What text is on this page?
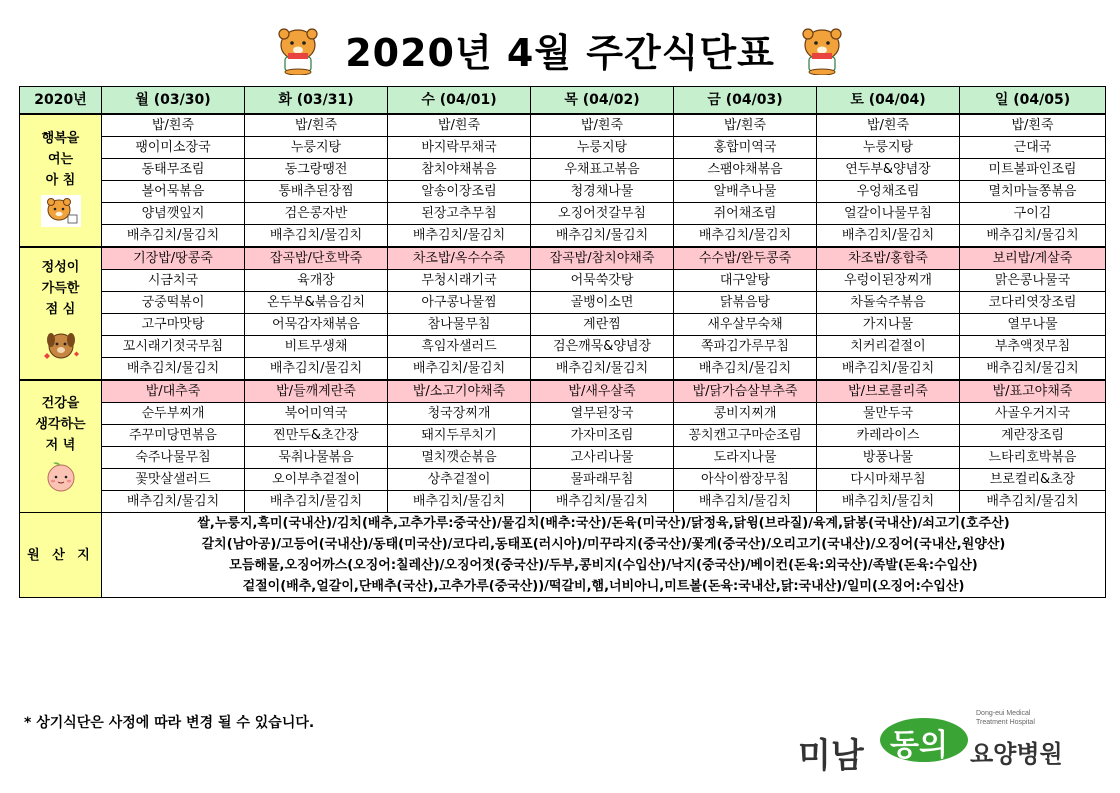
2020년 4월 주간식단표
2020년	월 (03/30)	화 (03/31)	수 (04/01)	목 (04/02)	금 (04/03)	토 (04/04)	일 (04/05)

행복을
여는
아 침	밥/흰죽	밥/흰죽	밥/흰죽	밥/흰죽	밥/흰죽	밥/흰죽	밥/흰죽
	팽이미소장국	누룽지탕	바지락무채국	누룽지탕	홍합미역국	누룽지탕	근대국
	동태무조림	동그랑땡전	참치야채볶음	우채표고볶음	스팸야채볶음	연두부&양념장	미트볼파인조림
	볼어묵볶음	통배추된장찜	알송이장조림	청경채나물	알배추나물	우엉채조림	멸치마늘쫑볶음
	양념깻잎지	검은콩자반	된장고추무침	오징어젓갈무침	쥐어채조림	얼갈이나물무침	구이김
	배추김치/물김치	배추김치/물김치	배추김치/물김치	배추김치/물김치	배추김치/물김치	배추김치/물김치	배추김치/물김치

정성이
가득한
점 심	기장밥/땅콩죽	잡곡밥/단호박죽	차조밥/옥수수죽	잡곡밥/참치야채죽	수수밥/완두콩죽	차조밥/홍합죽	보리밥/게살죽
	시금치국	육개장	무청시래기국	어묵쑥갓탕	대구알탕	우렁이된장찌개	맑은콩나물국
	궁중떡볶이	온두부&볶음김치	아구콩나물찜	골뱅이소면	닭볶음탕	차돌숙주볶음	코다리엿장조림
	고구마맛탕	어묵감자채볶음	참나물무침	계란찜	새우살무숙채	가지나물	열무나물
	꼬시래기젓국무침	비트무생채	흑임자샐러드	검은깨묵&양념장	쪽파김가루무침	치커리겉절이	부추액젓무침
	배추김치/물김치	배추김치/물김치	배추김치/물김치	배추김치/물김치	배추김치/물김치	배추김치/물김치	배추김치/물김치

건강을
생각하는
저 녁	밥/대추죽	밥/들깨계란죽	밥/소고기야채죽	밥/새우살죽	밥/닭가슴살부추죽	밥/브로콜리죽	밥/표고야채죽
	순두부찌개	북어미역국	청국장찌개	열무된장국	콩비지찌개	물만두국	사골우거지국
	주꾸미당면볶음	찐만두&초간장	돼지두루치기	가자미조림	꽁치캔고구마순조림	카레라이스	계란장조림
	숙주나물무침	묵취나물볶음	멸치깻순볶음	고사리나물	도라지나물	방풍나물	느타리호박볶음
	꽃맛살샐러드	오이부추겉절이	상추겉절이	물파래무침	아삭이쌈장무침	다시마채무침	브로컬리&초장
	배추김치/물김치	배추김치/물김치	배추김치/물김치	배추김치/물김치	배추김치/물김치	배추김치/물김치	배추김치/물김치
원 산 지	쌀,누룽지,흑미(국내산)/김치(배추,고추가루:중국산)/물김치(배추:국산)/돈육(미국산)/닭정육,닭윙(브라질)/육계,닭봉(국내산)/쇠고기(호주산)
갈치(남아공)/고등어(국내산)/동태(미국산)/코다리,동태포(러시아)/미꾸라지(중국산)/꽃게(중국산)/오리고기(국내산)/오징어(국내산,원양산)
모듬해물,오징어까스(오징어:칠레산)/오징어젓(중국산)/두부,콩비지(수입산)/낙지(중국산)/베이컨(돈육:외국산)/족발(돈육:수입산)
겉절이(배추,얼갈이,단배추(국산),고추가루(중국산))/떡갈비,햄,너비아니,미트볼(돈육:국내산,닭:국내산)/일미(오징어:수입산)						
* 상기식단은 사정에 따라 변경 될 수 있습니다.
미남 동의 요양병원
Dong-eui Medical
Treatment Hospital
